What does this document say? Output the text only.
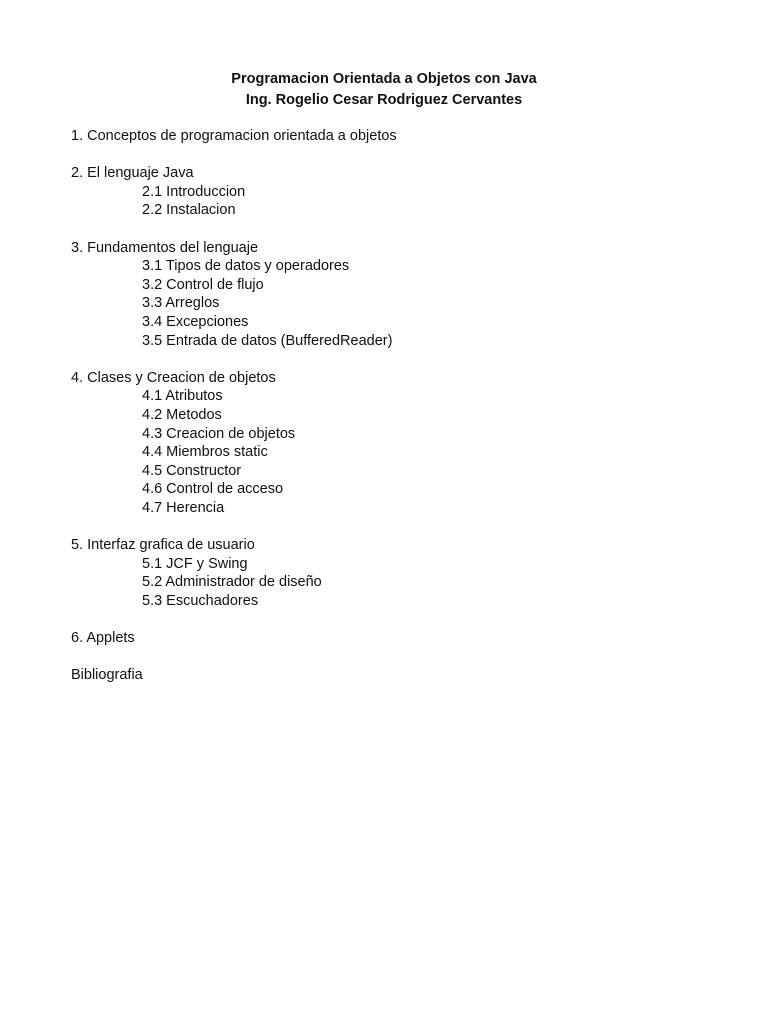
Programacion Orientada a Objetos con Java
Ing. Rogelio Cesar Rodriguez Cervantes
1. Conceptos de programacion orientada a objetos
2. El lenguaje Java
2.1 Introduccion
2.2 Instalacion
3. Fundamentos del lenguaje
3.1 Tipos de datos y operadores
3.2 Control de flujo
3.3 Arreglos
3.4 Excepciones
3.5 Entrada de datos (BufferedReader)
4. Clases y Creacion de objetos
4.1 Atributos
4.2 Metodos
4.3 Creacion de objetos
4.4 Miembros static
4.5 Constructor
4.6 Control de acceso
4.7 Herencia
5. Interfaz grafica de usuario
5.1 JCF y Swing
5.2 Administrador de diseño
5.3 Escuchadores
6. Applets
Bibliografia
